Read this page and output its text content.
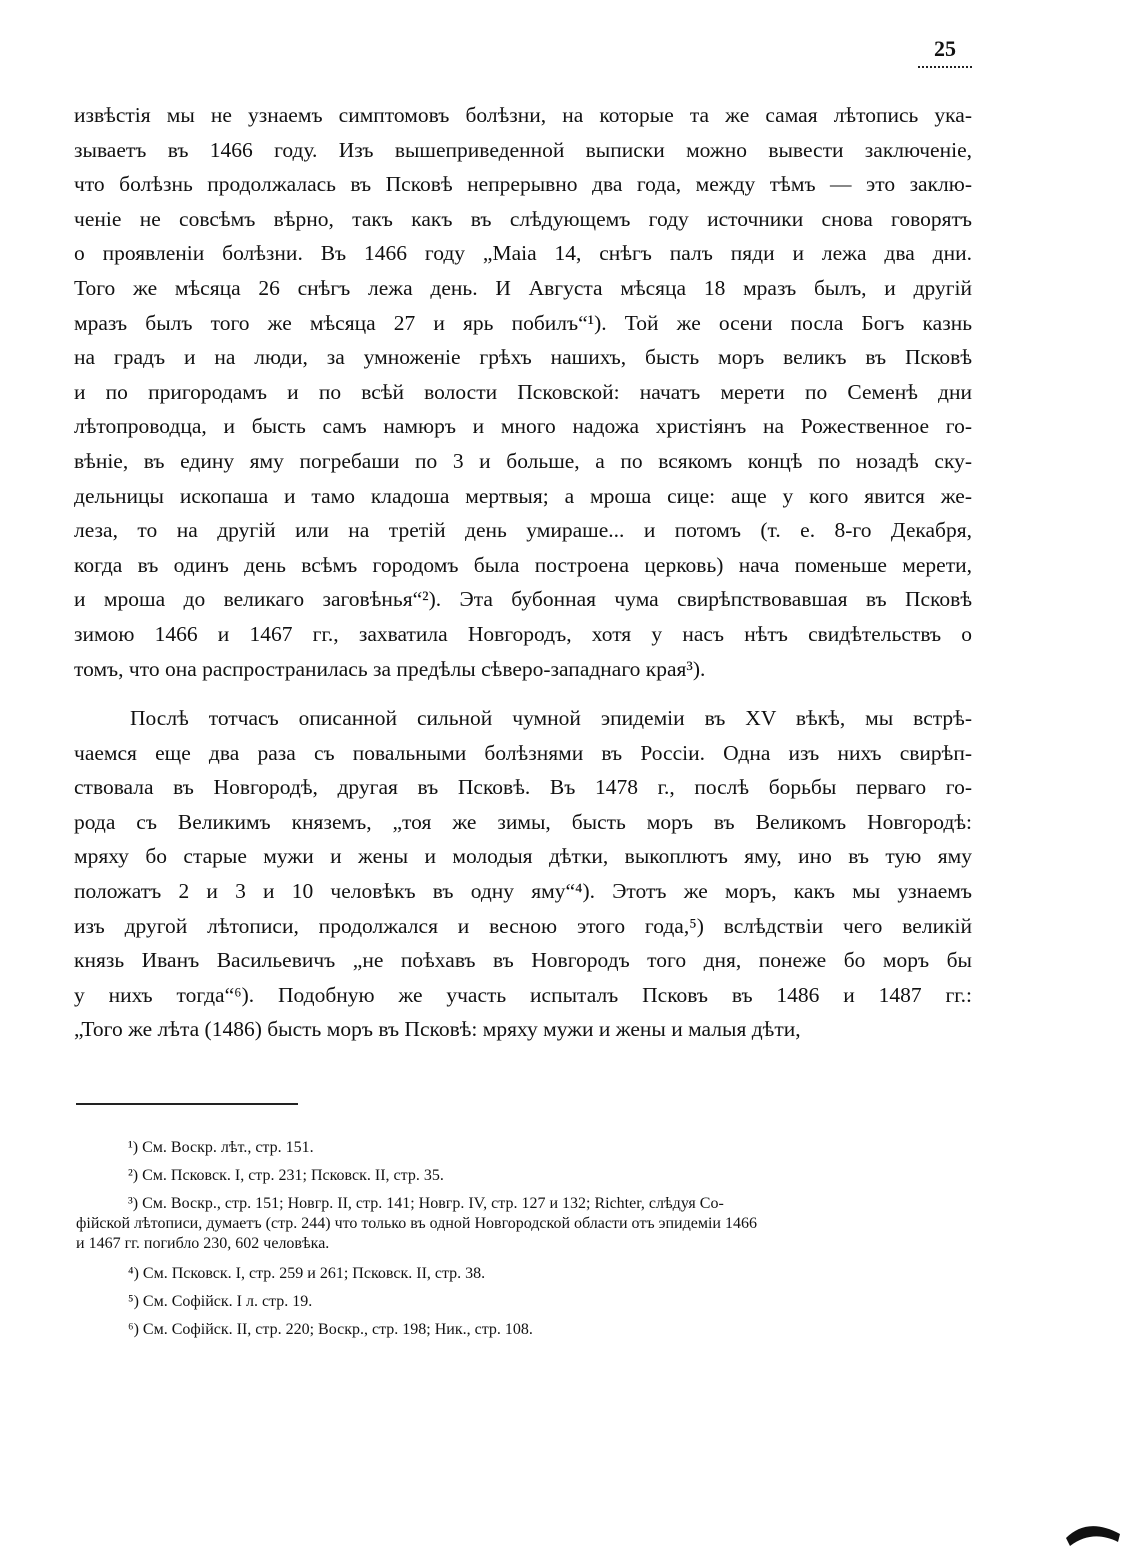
25
извѣстія мы не узнаемъ симптомовъ болѣзни, на которые та же самая лѣтопись ука-
зываетъ въ 1466 году. Изъ вышеприведенной выписки можно вывести заключеніе,
что болѣзнь продолжалась въ Псковѣ непрерывно два года, между тѣмъ — это заклю-
ченіе не совсѣмъ вѣрно, такъ какъ въ слѣдующемъ году источники снова говорятъ
о проявленіи болѣзни. Въ 1466 году „Маіа 14, снѣгъ палъ пяди и лежа два дни.
Того же мѣсяца 26 снѣгъ лежа день. И Августа мѣсяца 18 мразъ былъ, и другій
мразъ былъ того же мѣсяца 27 и ярь побилъ“¹). Той же осени посла Богъ казнь
на градъ и на люди, за умноженіе грѣхъ нашихъ, бысть моръ великъ въ Псковѣ
и по пригородамъ и по всѣй волости Псковской: начатъ мерети по Семенѣ дни
лѣтопроводца, и бысть самъ намюръ и много надожа христіянъ на Рожественное го-
вѣніе, въ едину яму погребаши по 3 и больше, а по всякомъ концѣ по нозадѣ ску-
дельницы ископаша и тамо кладоша мертвыя; а мроша сице: аще у кого явится же-
леза, то на другій или на третій день умираше... и потомъ (т. е. 8-го Декабря,
когда въ одинъ день всѣмъ городомъ была построена церковь) нача поменьше мерети,
и мроша до великаго заговѣнья“²). Эта бубонная чума свирѣпствовавшая въ Псковѣ
зимою 1466 и 1467 гг., захватила Новгородъ, хотя у насъ нѣтъ свидѣтельствъ о
томъ, что она распространилась за предѣлы сѣверо-западнаго края³).
Послѣ тотчасъ описанной сильной чумной эпидеміи въ XV вѣкѣ, мы встрѣ-
чаемся еще два раза съ повальными болѣзнями въ Россіи. Одна изъ нихъ свирѣп-
ствовала въ Новгородѣ, другая въ Псковѣ. Въ 1478 г., послѣ борьбы перваго го-
рода съ Великимъ княземъ, „тоя же зимы, бысть моръ въ Великомъ Новгородѣ:
мряху бо старые мужи и жены и молодыя дѣтки, выкоплютъ яму, ино въ тую яму
положатъ 2 и 3 и 10 человѣкъ въ одну яму“⁴). Этотъ же моръ, какъ мы узнаемъ
изъ другой лѣтописи, продолжался и весною этого года,⁵) вслѣдствіи чего великій
князь Иванъ Васильевичъ „не поѣхавъ въ Новгородъ того дня, понеже бо моръ бы
у нихъ тогда“⁶). Подобную же участь испыталъ Псковъ въ 1486 и 1487 гг.:
„Того же лѣта (1486) бысть моръ въ Псковѣ: мряху мужи и жены и малыя дѣти,
¹) См. Воскр. лѣт., стр. 151.
²) См. Псковск. I, стр. 231; Псковск. II, стр. 35.
³) См. Воскр., стр. 151; Новгр. II, стр. 141; Новгр. IV, стр. 127 и 132; Richter, слѣдуя Со-
фійской лѣтописи, думаетъ (стр. 244) что только въ одной Новгородской области отъ эпидеміи 1466
и 1467 гг. погибло 230, 602 человѣка.
⁴) См. Псковск. I, стр. 259 и 261; Псковск. II, стр. 38.
⁵) См. Софійск. I л. стр. 19.
⁶) См. Софійск. II, стр. 220; Воскр., стр. 198; Ник., стр. 108.
